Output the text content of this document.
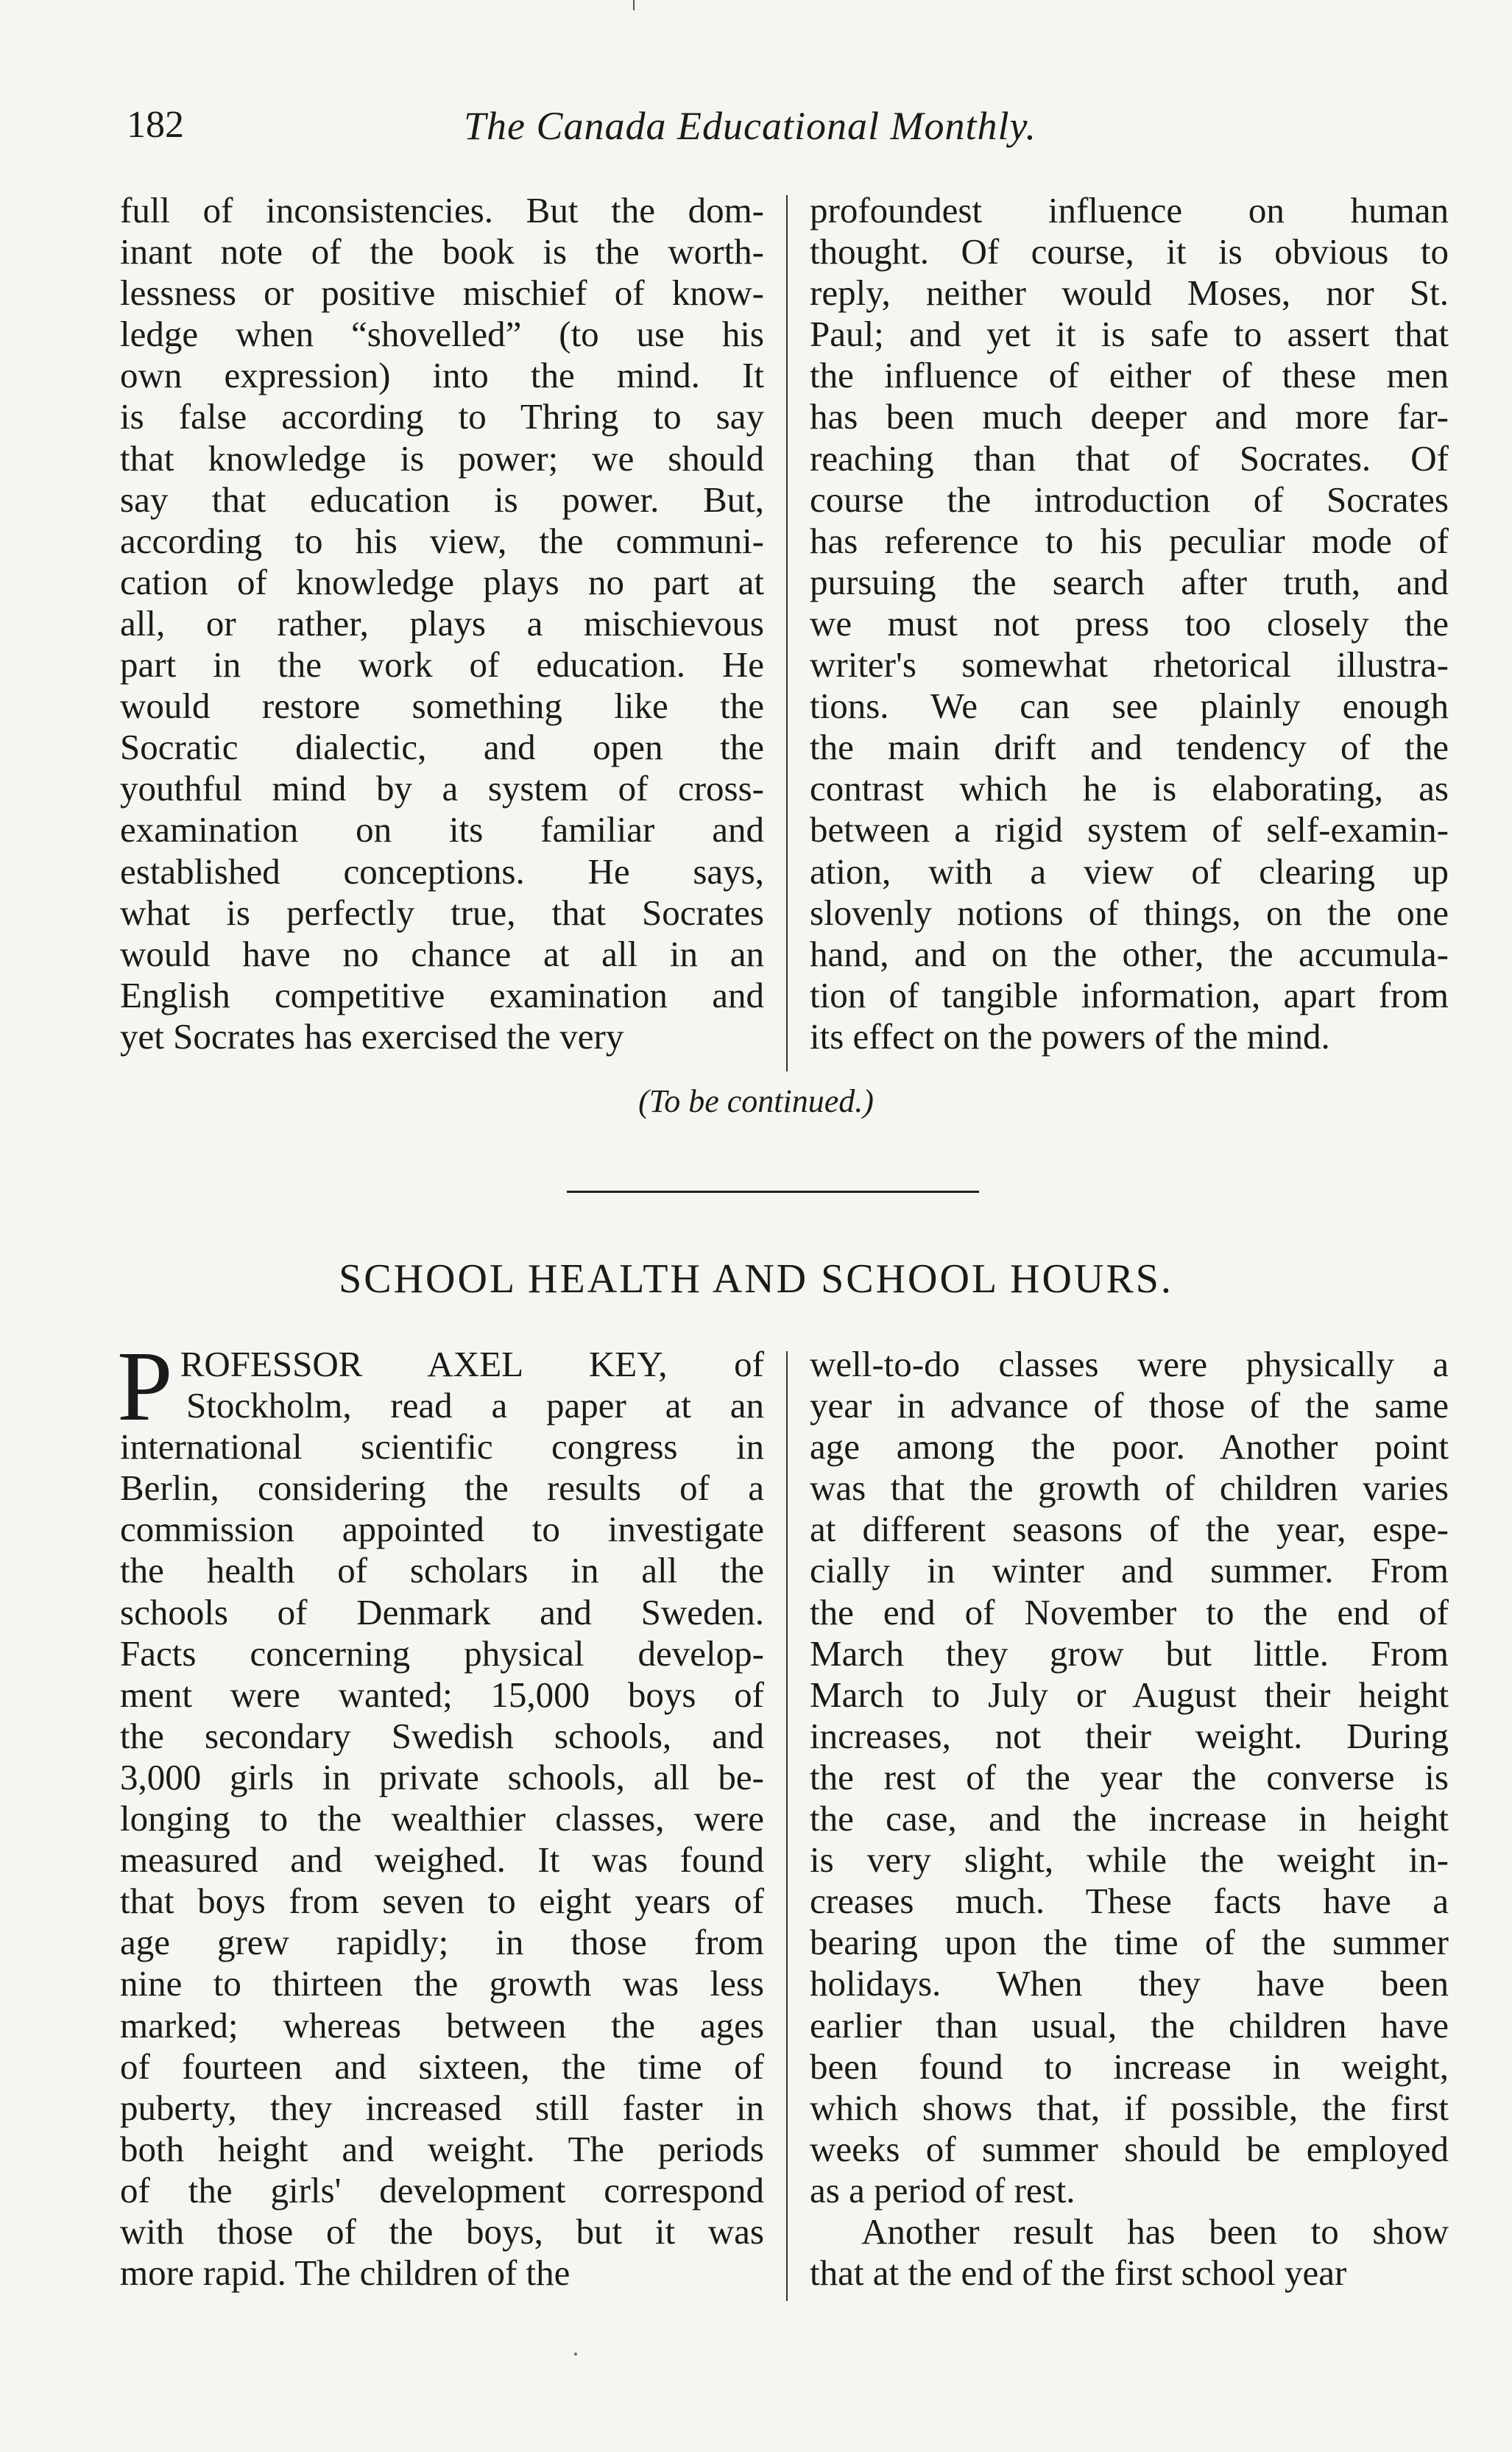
182	The Canada Educational Monthly.
full of inconsistencies. But the dom-
inant note of the book is the worth-
lessness or positive mischief of know-
ledge when “shovelled” (to use his
own expression) into the mind. It
is false according to Thring to say
that knowledge is power; we should
say that education is power. But,
according to his view, the communi-
cation of knowledge plays no part at
all, or rather, plays a mischievous
part in the work of education. He
would restore something like the
Socratic dialectic, and open the
youthful mind by a system of cross-
examination on its familiar and
established conceptions. He says,
what is perfectly true, that Socrates
would have no chance at all in an
English competitive examination and
yet Socrates has exercised the very
profoundest influence on human
thought. Of course, it is obvious to
reply, neither would Moses, nor St.
Paul; and yet it is safe to assert that
the influence of either of these men
has been much deeper and more far-
reaching than that of Socrates. Of
course the introduction of Socrates
has reference to his peculiar mode of
pursuing the search after truth, and
we must not press too closely the
writer's somewhat rhetorical illustra-
tions. We can see plainly enough
the main drift and tendency of the
contrast which he is elaborating, as
between a rigid system of self-examin-
ation, with a view of clearing up
slovenly notions of things, on the one
hand, and on the other, the accumula-
tion of tangible information, apart from
its effect on the powers of the mind.
(To be continued.)
SCHOOL HEALTH AND SCHOOL HOURS.
P ROFESSOR AXEL KEY, of
Stockholm, read a paper at an
international scientific congress in
Berlin, considering the results of a
commission appointed to investigate
the health of scholars in all the
schools of Denmark and Sweden.
Facts concerning physical develop-
ment were wanted; 15,000 boys of
the secondary Swedish schools, and
3,000 girls in private schools, all be-
longing to the wealthier classes, were
measured and weighed. It was found
that boys from seven to eight years of
age grew rapidly; in those from
nine to thirteen the growth was less
marked; whereas between the ages
of fourteen and sixteen, the time of
puberty, they increased still faster in
both height and weight. The periods
of the girls' development correspond
with those of the boys, but it was
more rapid. The children of the
well-to-do classes were physically a
year in advance of those of the same
age among the poor. Another point
was that the growth of children varies
at different seasons of the year, espe-
cially in winter and summer. From
the end of November to the end of
March they grow but little. From
March to July or August their height
increases, not their weight. During
the rest of the year the converse is
the case, and the increase in height
is very slight, while the weight in-
creases much. These facts have a
bearing upon the time of the summer
holidays. When they have been
earlier than usual, the children have
been found to increase in weight,
which shows that, if possible, the first
weeks of summer should be employed
as a period of rest.
Another result has been to show
that at the end of the first school year
